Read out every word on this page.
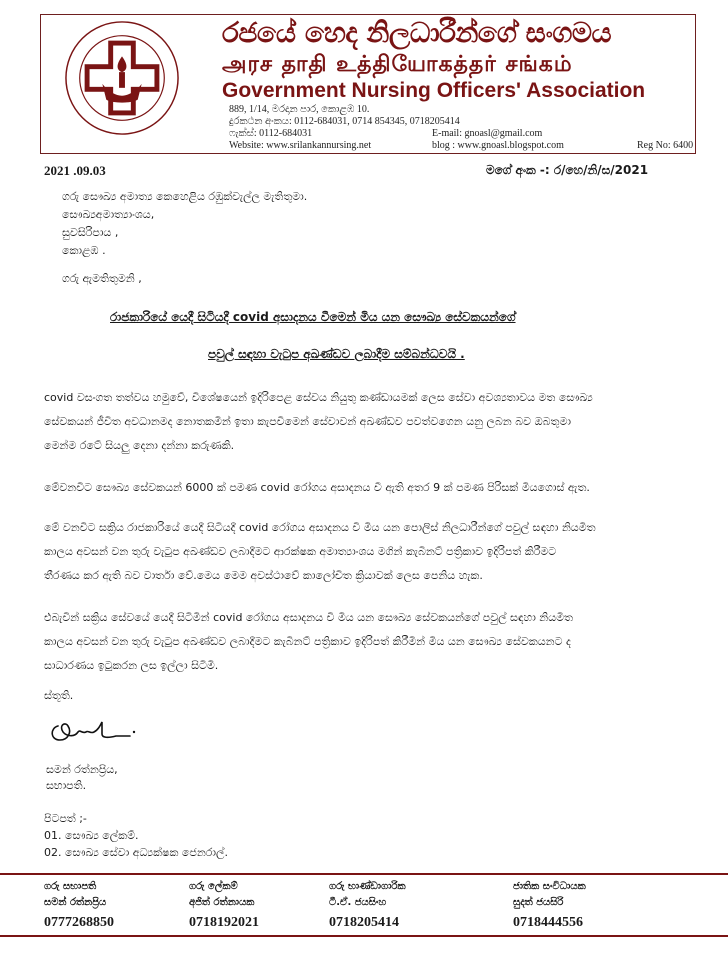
රජයේ හෙද නිලධාරීන්ගේ සංගමය
அரச தாதி உத்தியோகத்தர் சங்கம்
Government Nursing Officers' Association
889, 1/14, මරදාන පාර, කොළඹ 10.
දුරකථන අංකය: 0112-684031, 0714 854345, 0718205414
ෆැක්ස්: 0112-684031
Website: www.srilankannursing.net
E-mail: gnoasl@gmail.com
blog : www.gnoasl.blogspot.com	Reg No: 6400
2021 .09.03	මගේ අංක -: ර/හෙ/නි/ස/2021
ගරු සෞඛ්‍ය අමාත්‍ය කෙහෙළිය රඹුක්වැල්ල මැතිතුමා.
සෞඛ්‍යඅමාත්‍යාංශය,
සුවසිරිපාය ,
කොළඹ .
ගරු ඇමතිතුමනි ,
රාජකාරියේ යෙදී සිටියදී covid අසාදනය වීමෙන් මිය යන සෞඛ්‍ය සේවකයන්ගේ
පවුල් සඳහා වැටුප අඛණ්ඩව ලබාදීම සම්බන්ධවයි .
covid වසංගත තත්වය හමුවේ, විශේෂයෙන් ඉදිරිපෙළ සේවය නියුතු කණ්ඩායමක් ලෙස සේවා අවශ්‍යතාවය මත සෞඛ්‍ය
සේවකයන් ජීවිත අවධානමද නොතකමින් ඉතා කැපවීමෙන් සේවාවන් අඛණ්ඩව පවත්වගෙන යනු ලබන බව ඔබතුමා
මෙන්ම රටේ සියලු දෙනා දන්නා කරුණකි.
මේවනවිට සෞඛ්‍ය සේවකයන් 6000 ක් පමණ covid රෝගය අසාදනය වී ඇති අතර 9 ක් පමණ පිරිසක් මියගොස් ඇත.
මේ වනවිට සක්‍රිය රාජකාරියේ යෙදී සිටියදී covid රෝගය අසාදනය වී මිය යන පොලිස් නිලධාරීන්ගේ පවුල් සඳහා නියමිත
කාලය අවසන් වන තුරු වැටුප අඛණ්ඩව ලබාදීමට ආරක්ෂක අමාත්‍යාංශය මගින් කැබිනට් පත්‍රිකාව ඉදිරිපත් කිරීමට
තීරණය කර ඇති බව වාර්තා වේ.මෙය මෙම අවස්ථාවේ කාලෝචිත ක්‍රියාවක් ලෙස පෙනිය හැක.
එබැවින් සක්‍රිය සේවයේ යෙදී සිටිමින් covid රෝගය අසාදනය වී මිය යන සෞඛ්‍ය සේවකයන්ගේ පවුල් සඳහා නියමිත
කාලය අවසන් වන තුරු වැටුප අඛණ්ඩව ලබාදීමට කැබිනට් පත්‍රිකාව ඉදිරිපත් කිරීමින් මිය යන සෞඛ්‍ය සේවකයනට ද
සාධාරණය ඉටුකරන ලස ඉල්ලා සිටිමි.
ස්තූති.
සමන් රත්නප්‍රිය,
සභාපති.
පිටපත් ;-
01. සෞඛ්‍ය ලේකම්.
02. සෞඛ්‍ය සේවා අධ්‍යක්ෂක ජෙනරාල්.
ගරු සභාපති
සමන් රත්නප්‍රිය
0777268850
ගරු ලේකම්
අජිත් රත්නායක
0718192021
ගරු භාණ්ඩාගාරික
ටී.ඒ. ජයසිංහ
0718205414
ජාතික සංවිධායක
සුදත් ජයසිරි
0718444556
